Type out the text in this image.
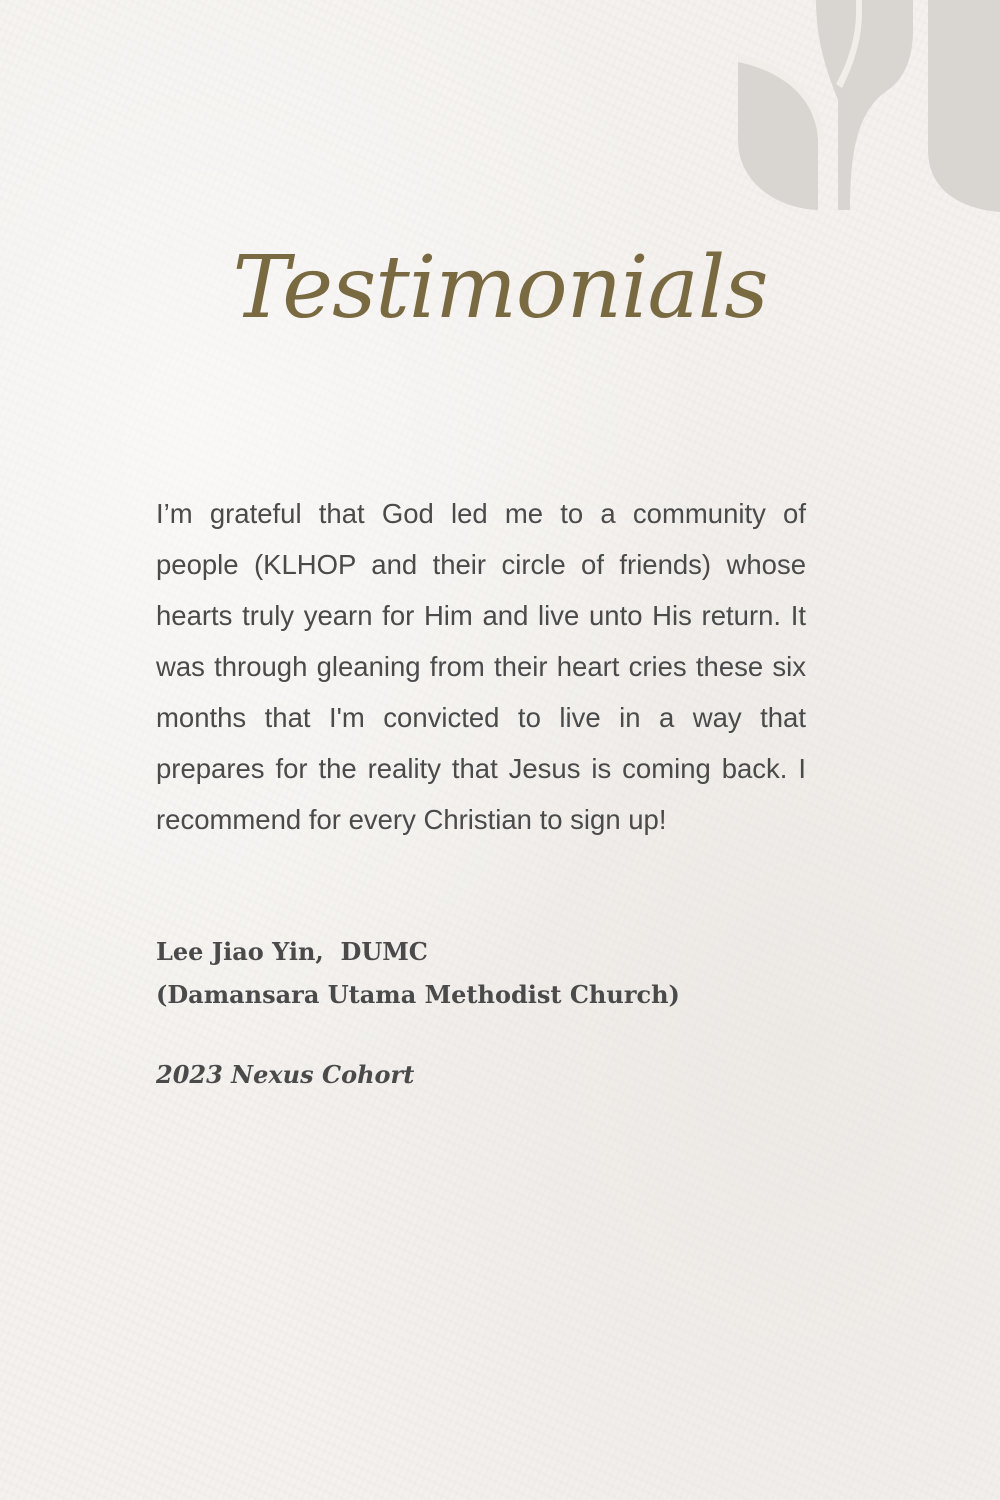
Testimonials

I’m grateful that God led me to a community of people (KLHOP and their circle of friends) whose hearts truly yearn for Him and live unto His return. It was through gleaning from their heart cries these six months that I'm convicted to live in a way that prepares for the reality that Jesus is coming back. I recommend for every Christian to sign up!

Lee Jiao Yin,  DUMC
(Damansara Utama Methodist Church)
2023 Nexus Cohort
